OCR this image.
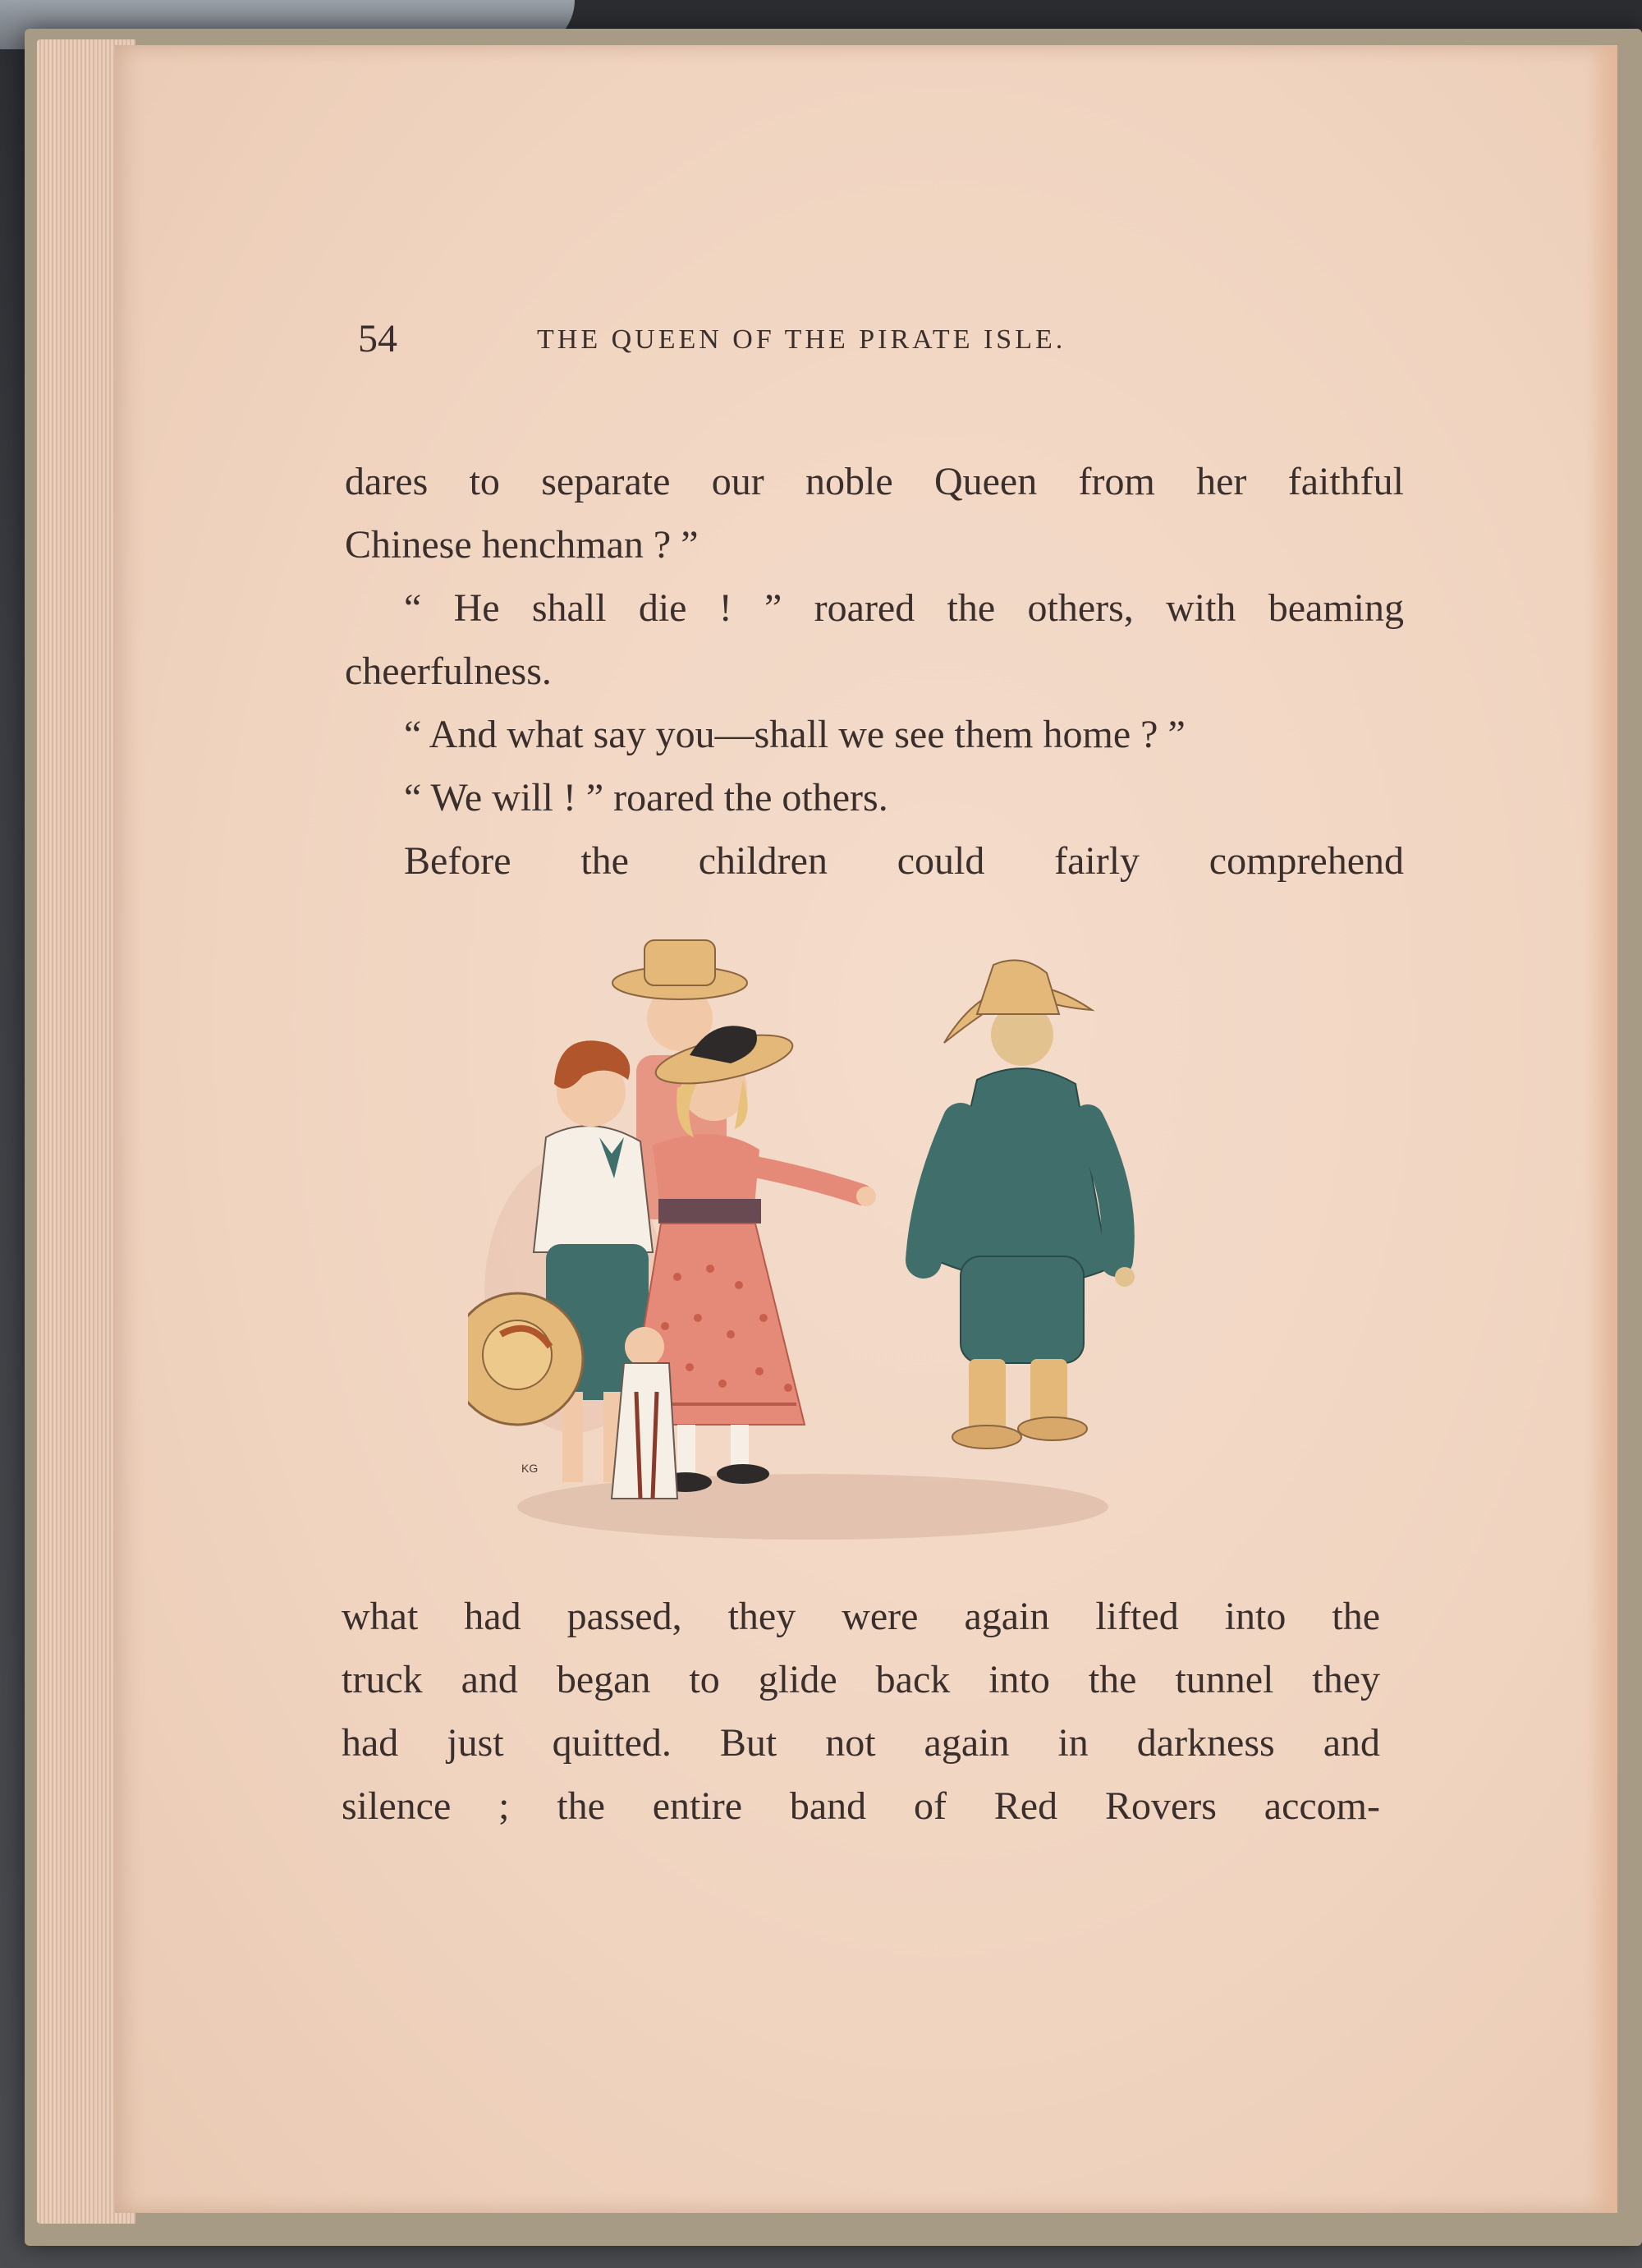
54	THE QUEEN OF THE PIRATE ISLE.
dares to separate our noble Queen from her faithful
Chinese henchman ? ”
“ He shall die ! ” roared the others, with beaming
cheerfulness.
“ And what say you—shall we see them home ? ”
“ We will ! ” roared the others.
Before the children could fairly comprehend
KG
what had passed, they were again lifted into the
truck and began to glide back into the tunnel they
had just quitted. But not again in darkness and
silence ; the entire band of Red Rovers accom-
